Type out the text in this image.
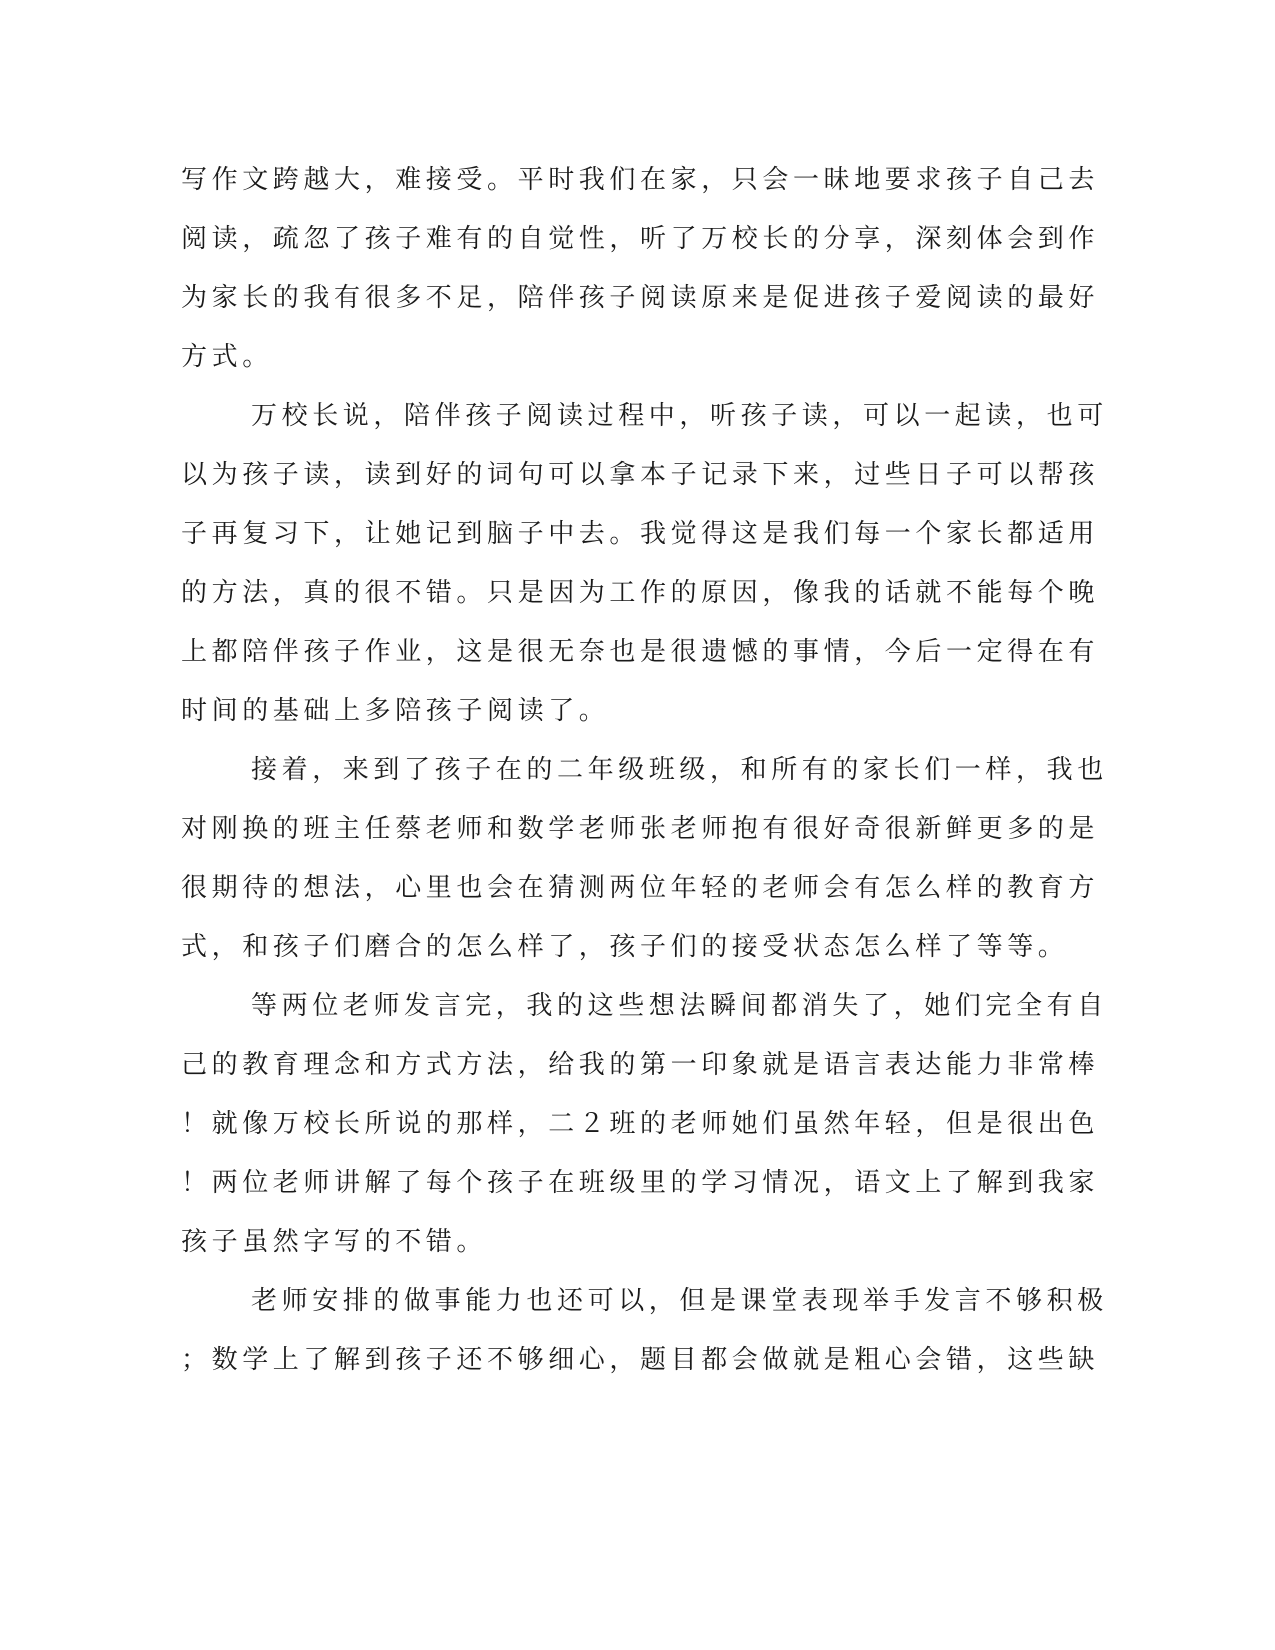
写作文跨越大，难接受。平时我们在家，只会一昧地要求孩子自己去
阅读，疏忽了孩子难有的自觉性，听了万校长的分享，深刻体会到作
为家长的我有很多不足，陪伴孩子阅读原来是促进孩子爱阅读的最好
方式。
万校长说，陪伴孩子阅读过程中，听孩子读，可以一起读，也可
以为孩子读，读到好的词句可以拿本子记录下来，过些日子可以帮孩
子再复习下，让她记到脑子中去。我觉得这是我们每一个家长都适用
的方法，真的很不错。只是因为工作的原因，像我的话就不能每个晚
上都陪伴孩子作业，这是很无奈也是很遗憾的事情，今后一定得在有
时间的基础上多陪孩子阅读了。
接着，来到了孩子在的二年级班级，和所有的家长们一样，我也
对刚换的班主任蔡老师和数学老师张老师抱有很好奇很新鲜更多的是
很期待的想法，心里也会在猜测两位年轻的老师会有怎么样的教育方
式，和孩子们磨合的怎么样了，孩子们的接受状态怎么样了等等。
等两位老师发言完，我的这些想法瞬间都消失了，她们完全有自
己的教育理念和方式方法，给我的第一印象就是语言表达能力非常棒
！就像万校长所说的那样，二２班的老师她们虽然年轻，但是很出色
！两位老师讲解了每个孩子在班级里的学习情况，语文上了解到我家
孩子虽然字写的不错。
老师安排的做事能力也还可以，但是课堂表现举手发言不够积极
；数学上了解到孩子还不够细心，题目都会做就是粗心会错，这些缺
